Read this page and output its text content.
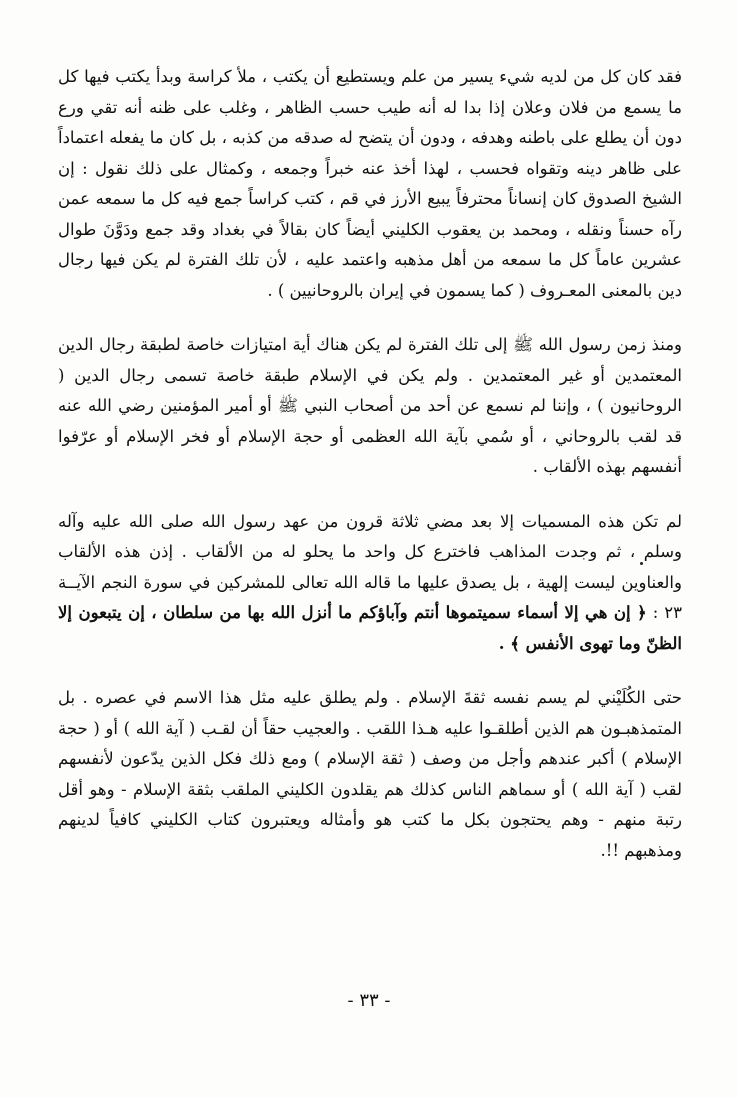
فقد كان كل من لديه شيء يسير من علم ويستطيع أن يكتب ، ملأ كراسة وبدأ يكتب فيها كل ما يسمع من فلان وعلان إذا بدا له أنه طيب حسب الظاهر ، وغلب على ظنه أنه تقي ورع دون أن يطلع على باطنه وهدفه ، ودون أن يتضح له صدقه من كذبه ، بل كان ما يفعله اعتماداً على ظاهر دينه وتقواه فحسب ، لهذا أخذ عنه خبراً وجمعه ، وكمثال على ذلك نقول : إن الشيخ الصدوق كان إنساناً محترفاً يبيع الأرز في قم ، كتب كراساً جمع فيه كل ما سمعه عمن رآه حسناً ونقله ، ومحمد بن يعقوب الكليني أيضاً كان بقالاً في بغداد وقد جمع ودَوَّنَ طوال عشرين عاماً كل ما سمعه من أهل مذهبه واعتمد عليه ، لأن تلك الفترة لم يكن فيها رجال دين بالمعنى المعـروف ( كما يسمون في إيران بالروحانيين ) .

ومنذ زمن رسول الله ﷺ إلى تلك الفترة لم يكن هناك أية امتيازات خاصة لطبقة رجال الدين المعتمدين أو غير المعتمدين . ولم يكن في الإسلام طبقة خاصة تسمى رجال الدين ( الروحانيون ) ، وإننا لم نسمع عن أحد من أصحاب النبي ﷺ أو أمير المؤمنين رضي الله عنه قد لقب بالروحاني ، أو سُمي بآية الله العظمى أو حجة الإسلام أو فخر الإسلام أو عرّفوا أنفسهم بهذه الألقاب .

لم تكن هذه المسميات إلا بعد مضي ثلاثة قرون من عهد رسول الله صلى الله عليه وآله وسلم ، ثم وجدت المذاهب فاخترع كل واحد ما يحلو له من الألقاب . إذن هذه الألقاب والعناوين ليست إلهية ، بل يصدق عليها ما قاله الله تعالى للمشركين في سورة النجم الآيــة ٢٣ : ﴿ إن هي إلا أسماء سميتموها أنتم وآباؤكم ما أنزل الله بها من سلطان ، إن يتبعون إلا الظنّ وما تهوى الأنفس ﴾ .

حتى الكُلَيْني لم يسم نفسه ثقةَ الإسلام . ولم يطلق عليه مثل هذا الاسم في عصره . بل المتمذهبـون هم الذين أطلقـوا عليه هـذا اللقب . والعجيب حقاً أن لقـب ( آية الله ) أو ( حجة الإسلام ) أكبر عندهم وأجل من وصف ( ثقة الإسلام ) ومع ذلك فكل الذين يدّعون لأنفسهم لقب ( آية الله ) أو سماهم الناس كذلك هم يقلدون الكليني الملقب بثقة الإسلام - وهو أقل رتبة منهم - وهم يحتجون بكل ما كتب هو وأمثاله ويعتبرون كتاب الكليني كافياً لدينهم ومذهبهم !!.

- ٣٣ -
